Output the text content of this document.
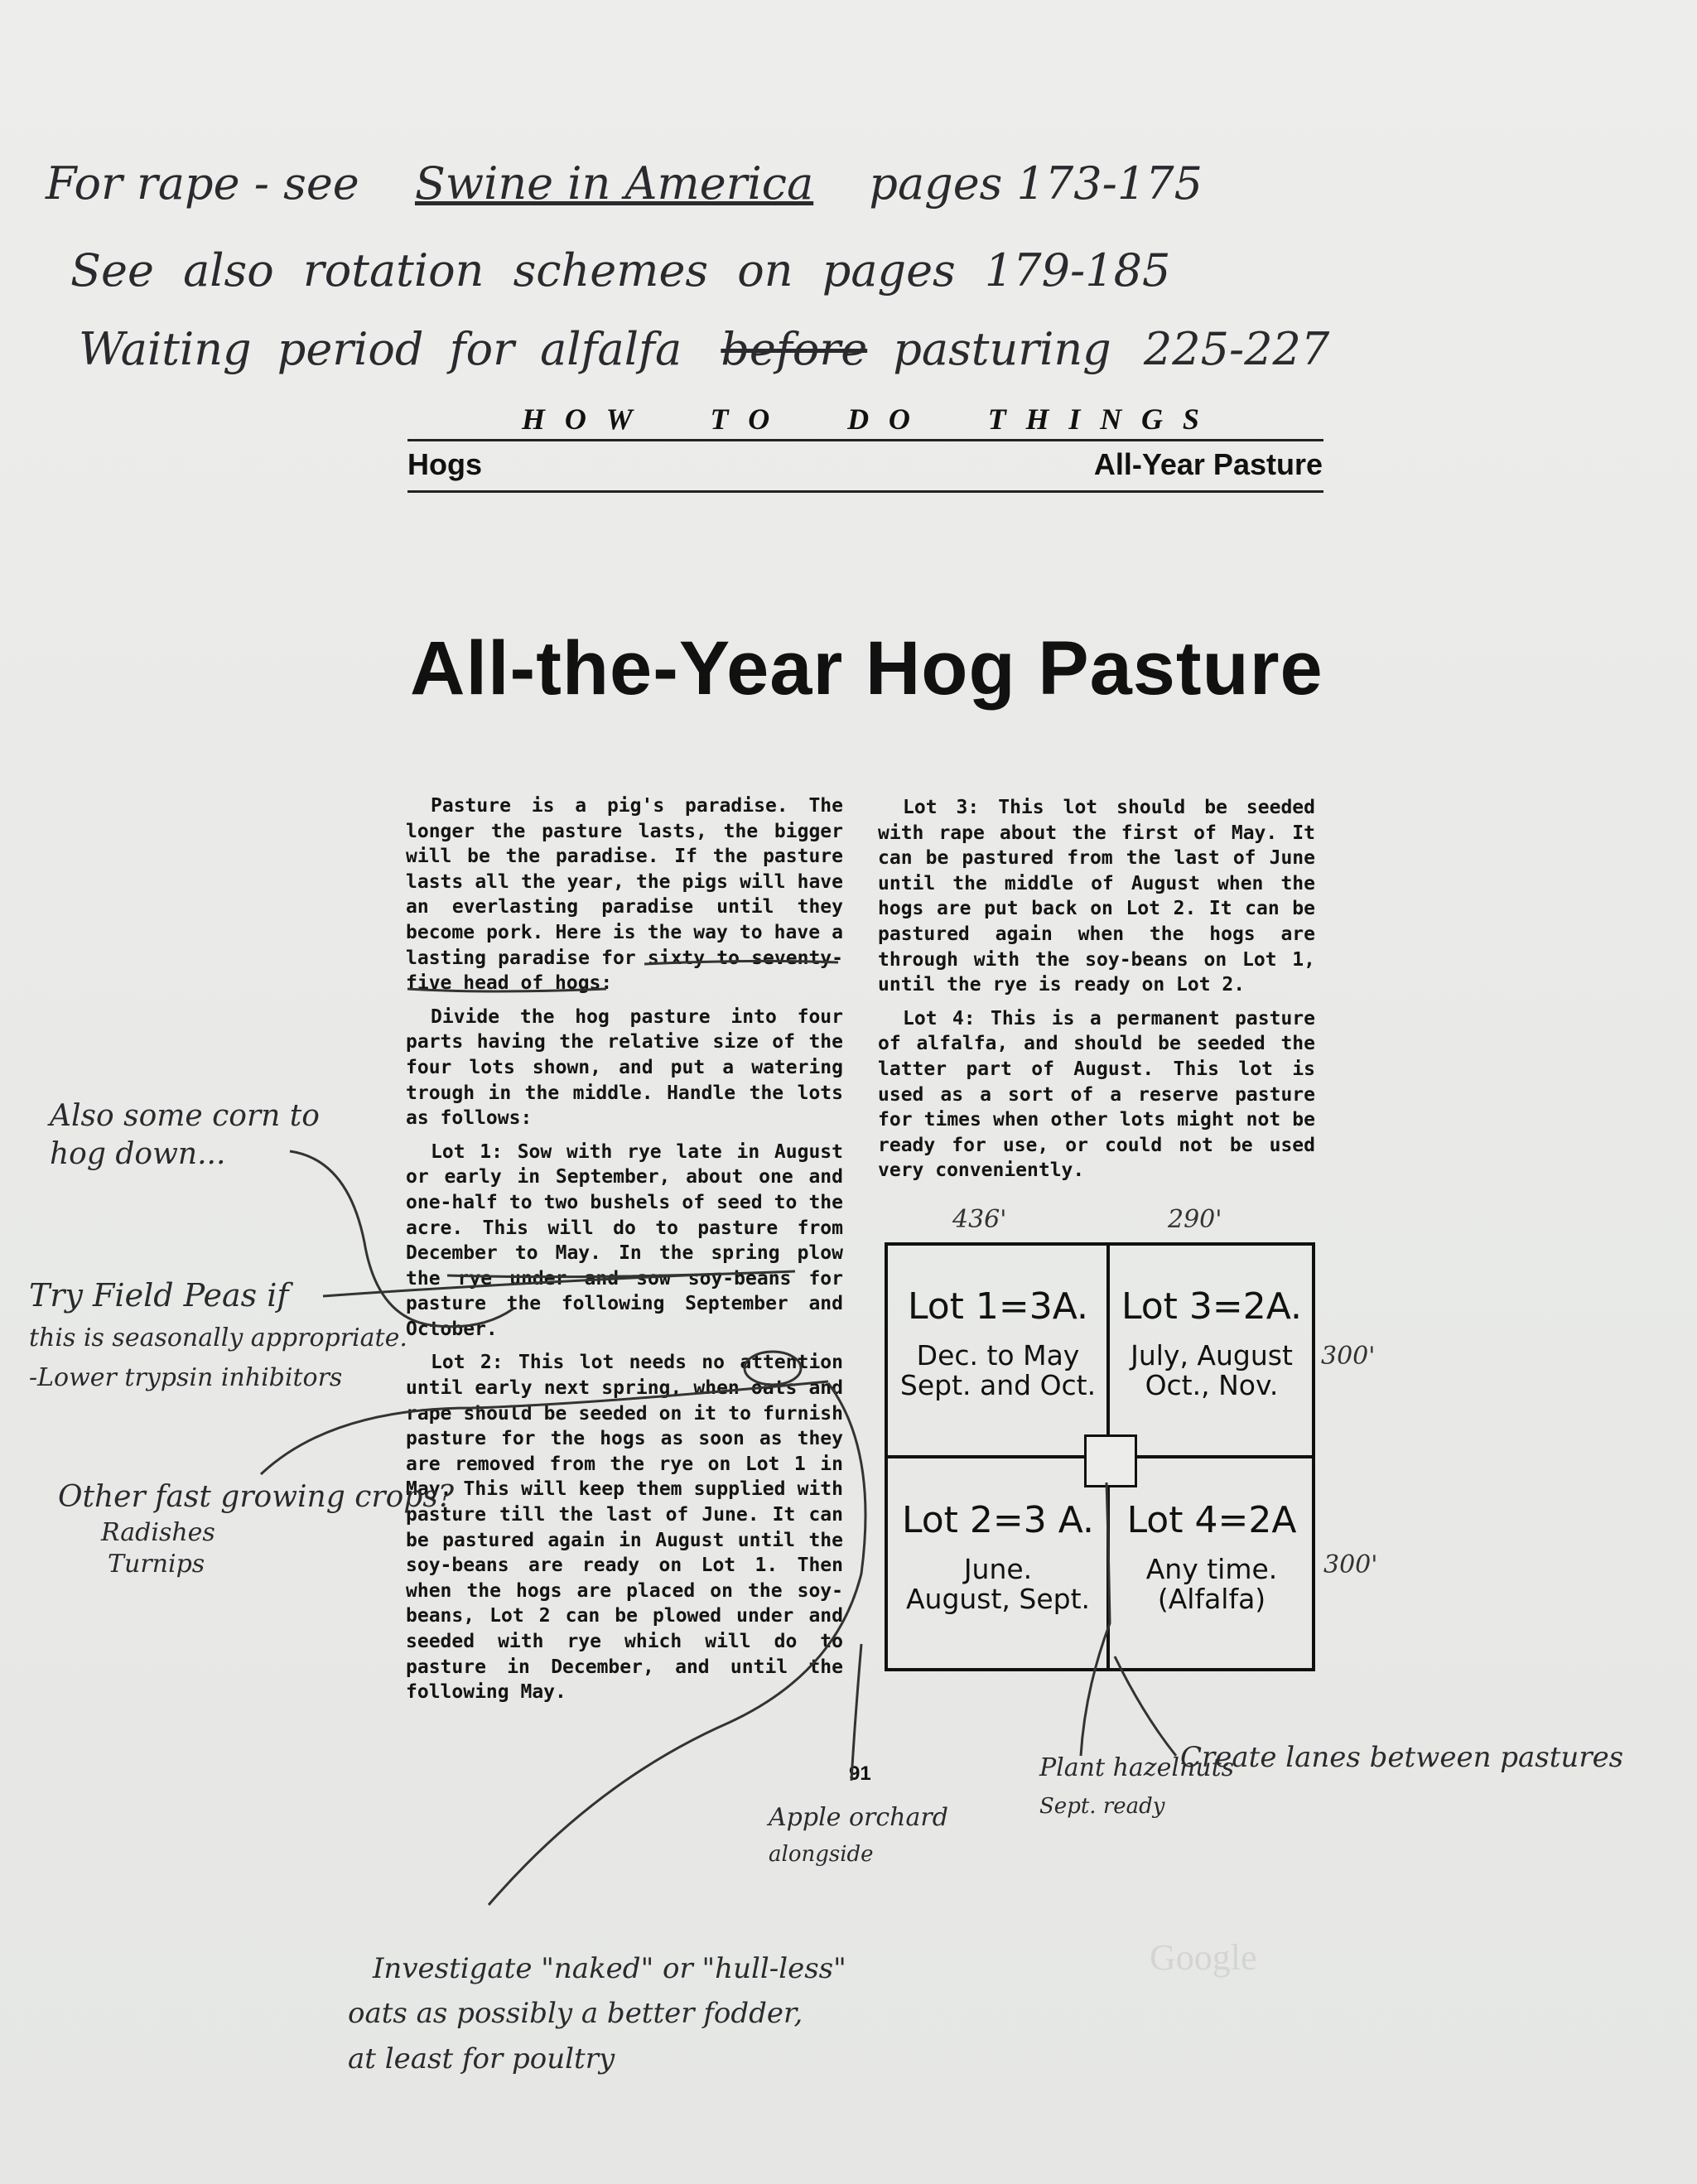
For rape - see Swine in America pages 173-175
See also rotation schemes on pages 179-185
Waiting period for alfalfa before pasturing 225-227
H O W	T O	D O	T H I N G S
Hogs	All-Year Pasture
All-the-Year Hog Pasture

Pasture is a pig's paradise. The longer the pasture lasts, the bigger will be the paradise. If the pasture lasts all the year, the pigs will have an everlasting paradise until they become pork. Here is the way to have a lasting paradise for sixty to seventy-five head of hogs:

Divide the hog pasture into four parts having the relative size of the four lots shown, and put a watering trough in the middle. Handle the lots as follows:

Lot 1: Sow with rye late in August or early in September, about one and one-half to two bushels of seed to the acre. This will do to pasture from December to May. In the spring plow the rye under and sow soy-beans for pasture the following September and October.

Lot 2: This lot needs no attention until early next spring, when oats and rape should be seeded on it to furnish pasture for the hogs as soon as they are removed from the rye on Lot 1 in May. This will keep them supplied with pasture till the last of June. It can be pastured again in August until the soy-beans are ready on Lot 1. Then when the hogs are placed on the soy-beans, Lot 2 can be plowed under and seeded with rye which will do to pasture in December, and until the following May.

Lot 3: This lot should be seeded with rape about the first of May. It can be pastured from the last of June until the middle of August when the hogs are put back on Lot 2. It can be pastured again when the hogs are through with the soy-beans on Lot 1, until the rye is ready on Lot 2.

Lot 4: This is a permanent pasture of alfalfa, and should be seeded the latter part of August. This lot is used as a sort of a reserve pasture for times when other lots might not be ready for use, or could not be used very conveniently.

Lot 1=3A.
Dec. to May
Sept. and Oct.
Lot 3=2A.
July, August
Oct., Nov.
Lot 2=3 A.
June.
August, Sept.
Lot 4=2A
Any time.
(Alfalfa)
436'	290'
300'
300'
91
Also some corn to
hog down...
Try Field Peas if
this is seasonally appropriate.
-Lower trypsin inhibitors
Other fast growing crops?
Radishes
Turnips
Apple orchard
alongside
Plant hazelnuts
Sept. ready
Create lanes between pastures
Investigate "naked" or "hull-less"
oats as possibly a better fodder,
at least for poultry
Google
